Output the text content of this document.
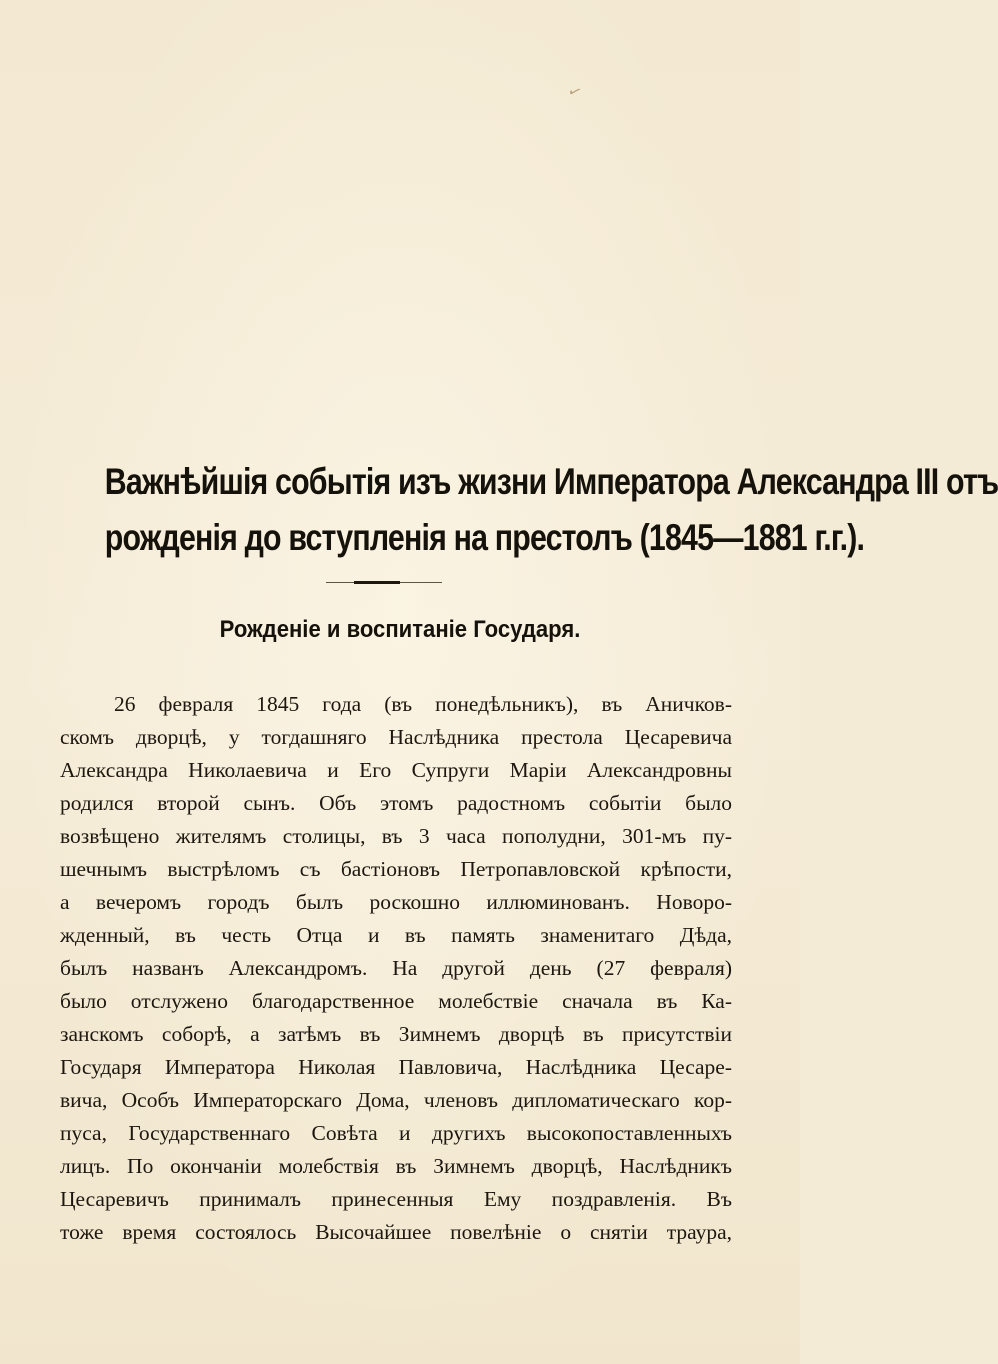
✓
Важнѣйшія событія изъ жизни Императора Александра III отъ
рожденія до вступленія на престолъ (1845—1881 г.г.).
Рожденіе и воспитаніе Государя.
26 февраля 1845 года (въ понедѣльникъ), въ Аничков-
скомъ дворцѣ, у тогдашняго Наслѣдника престола Цесаревича
Александра Николаевича и Его Супруги Маріи Александровны
родился второй сынъ. Объ этомъ радостномъ событіи было
возвѣщено жителямъ столицы, въ 3 часа пополудни, 301-мъ пу-
шечнымъ выстрѣломъ съ бастіоновъ Петропавловской крѣпости,
а вечеромъ городъ былъ роскошно иллюминованъ. Новоро-
жденный, въ честь Отца и въ память знаменитаго Дѣда,
былъ названъ Александромъ. На другой день (27 февраля)
было отслужено благодарственное молебствіе сначала въ Ка-
занскомъ соборѣ, а затѣмъ въ Зимнемъ дворцѣ въ присутствіи
Государя Императора Николая Павловича, Наслѣдника Цесаре-
вича, Особъ Императорскаго Дома, членовъ дипломатическаго кор-
пуса, Государственнаго Совѣта и другихъ высокопоставленныхъ
лицъ. По окончаніи молебствія въ Зимнемъ дворцѣ, Наслѣдникъ
Цесаревичъ принималъ принесенныя Ему поздравленія. Въ
тоже время состоялось Высочайшее повелѣніе о снятіи траура,
